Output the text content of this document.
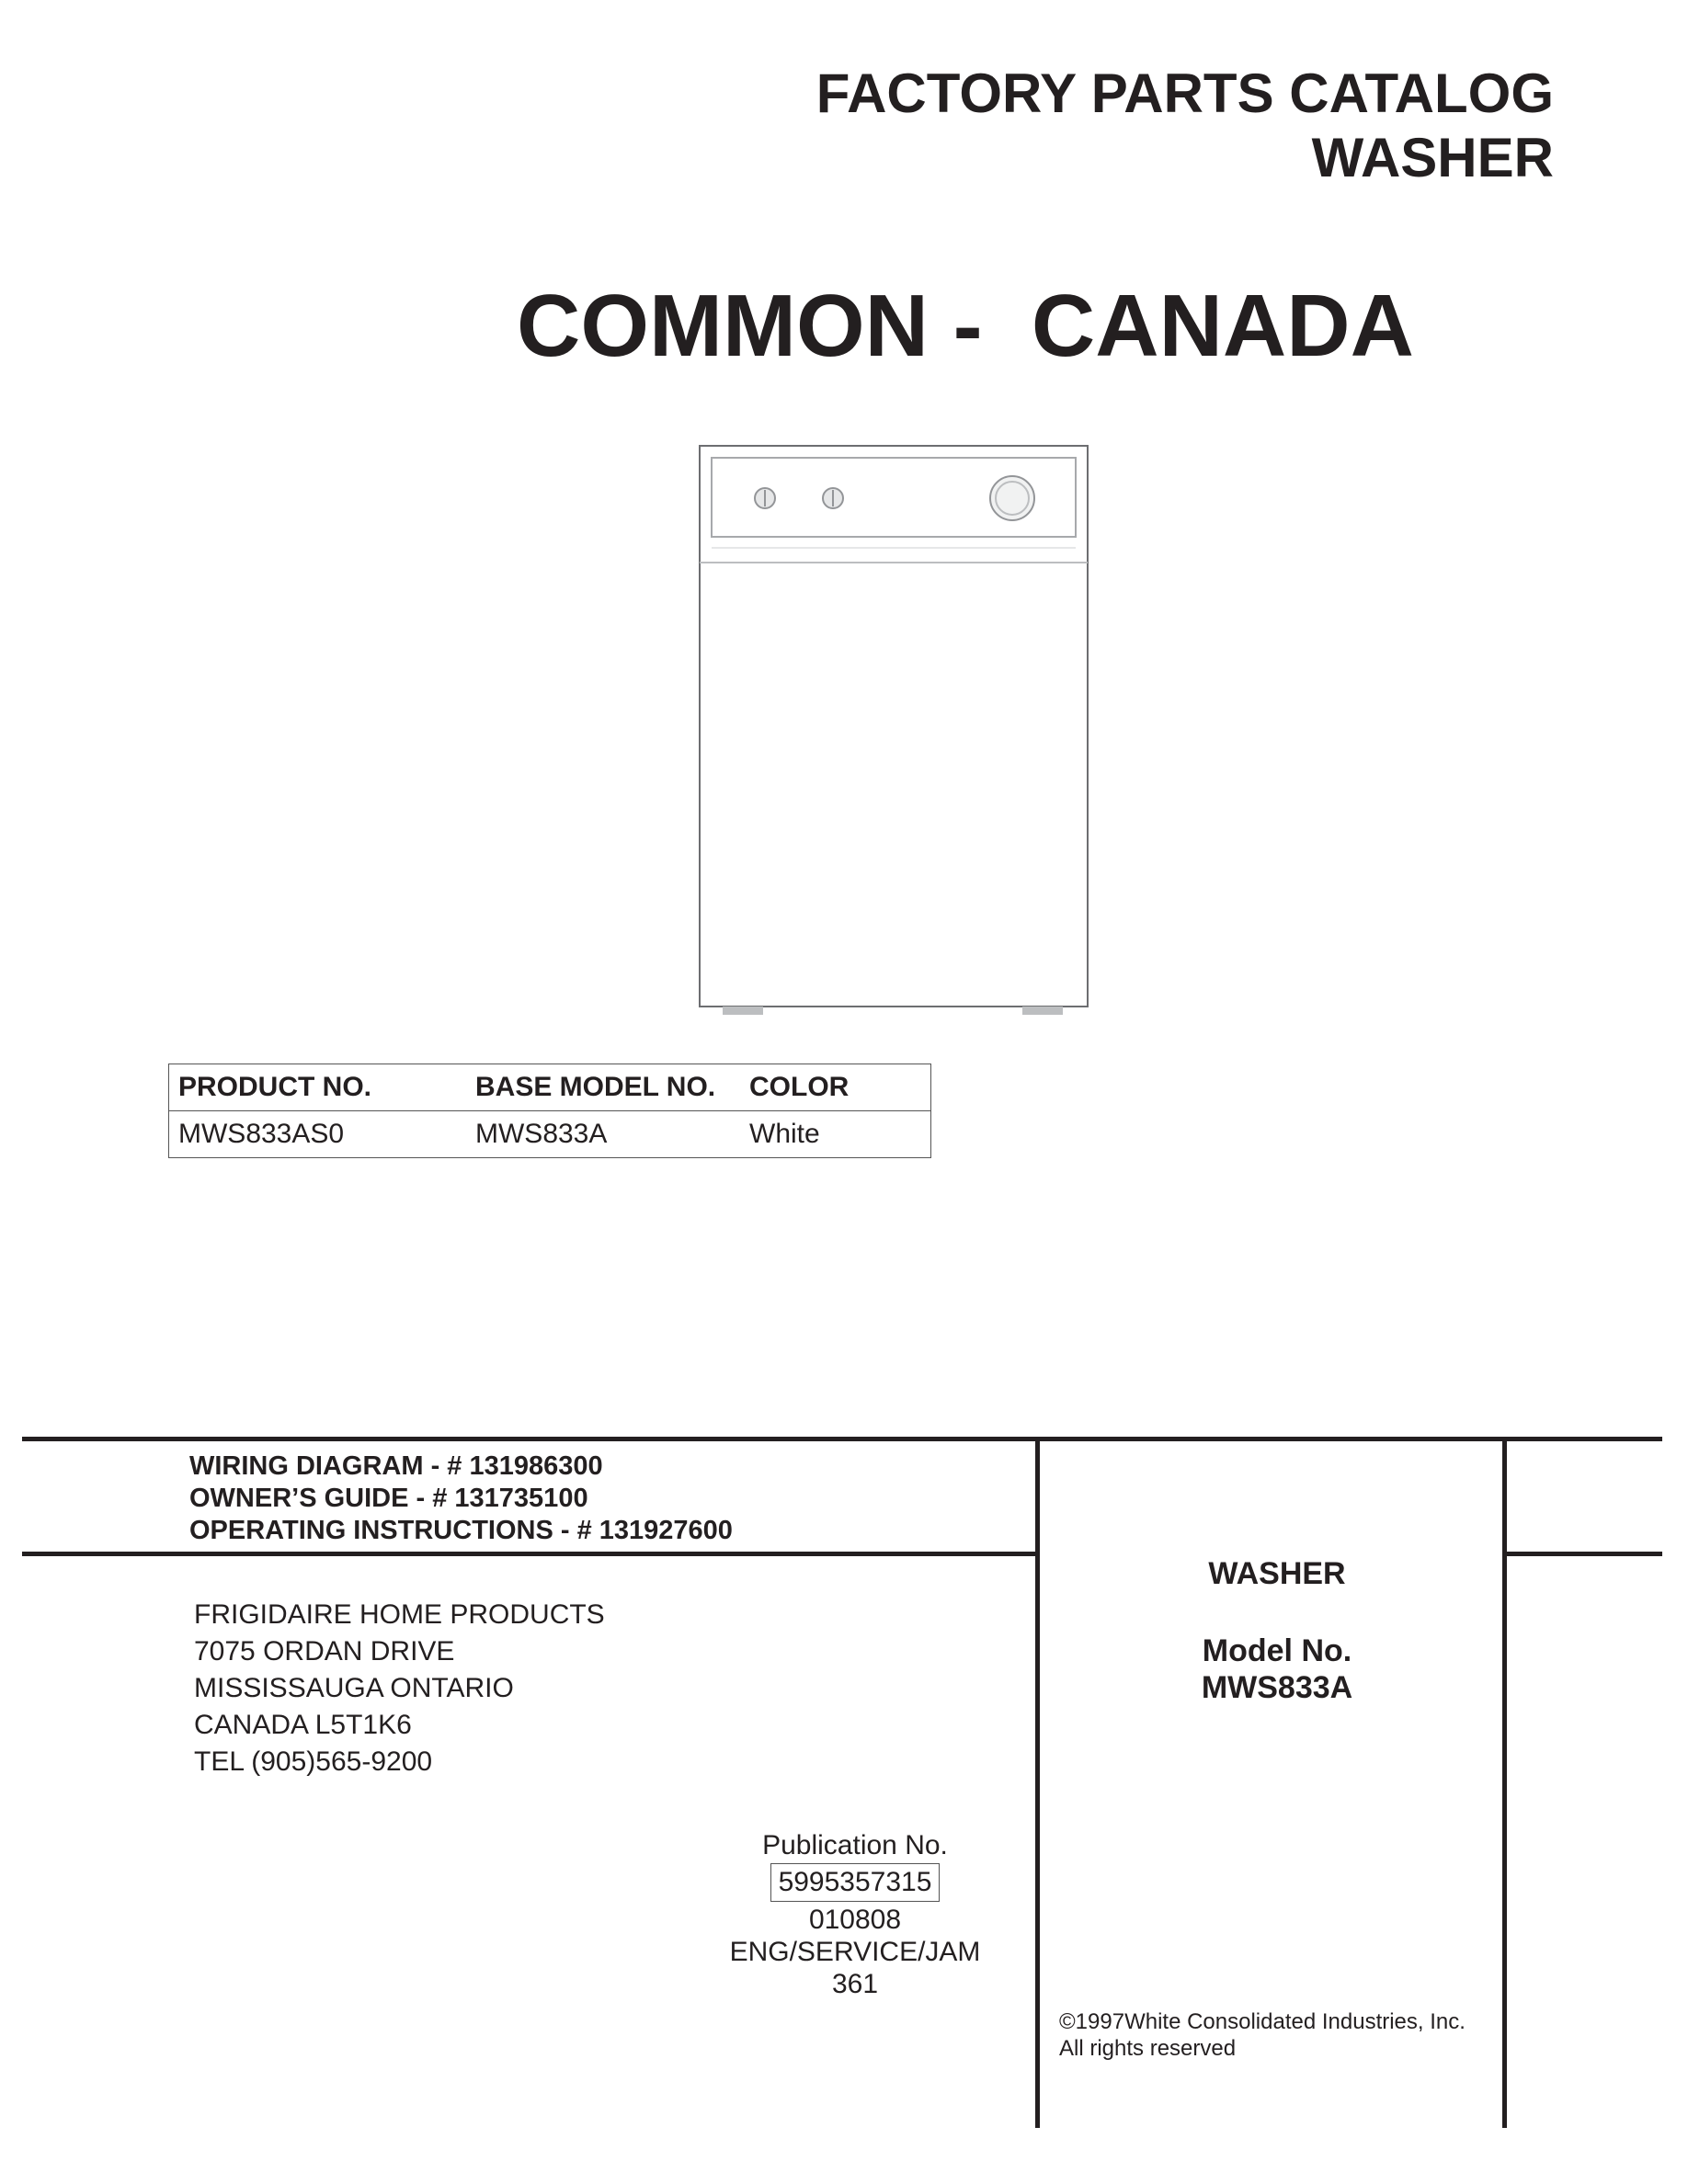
FACTORY PARTS CATALOG
WASHER
COMMON -  CANADA
PRODUCT NO.	BASE MODEL NO.	COLOR
MWS833AS0	MWS833A	White
WIRING DIAGRAM - # 131986300
OWNER’S GUIDE - # 131735100
OPERATING INSTRUCTIONS - # 131927600
FRIGIDAIRE HOME PRODUCTS
7075 ORDAN DRIVE
MISSISSAUGA ONTARIO
CANADA L5T1K6
TEL (905)565-9200
Publication No.
5995357315
010808
ENG/SERVICE/JAM
361
WASHER
Model No.
MWS833A
©1997White Consolidated Industries, Inc.
All rights reserved
